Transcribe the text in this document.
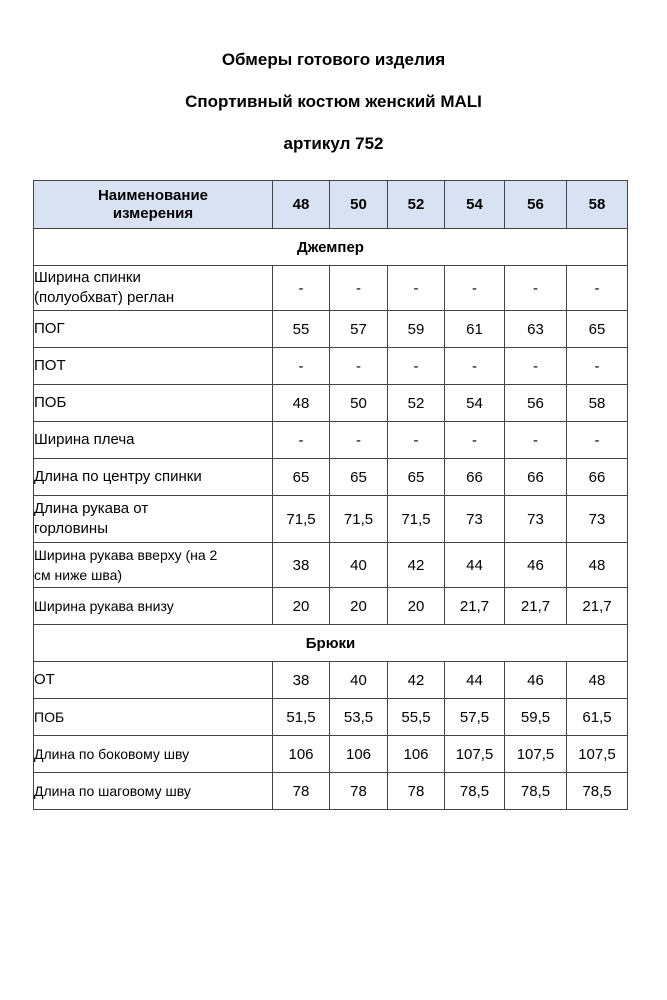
Обмеры готового изделия
Спортивный костюм женский MALI
артикул 752
Наименование
измерения	48	50	52	54	56	58
Джемпер						
Ширина спинки
(полуобхват) реглан	-	-	-	-	-	-
ПОГ	55	57	59	61	63	65
ПОТ	-	-	-	-	-	-
ПОБ	48	50	52	54	56	58
Ширина плеча	-	-	-	-	-	-
Длина по центру спинки	65	65	65	66	66	66
Длина рукава от
горловины	71,5	71,5	71,5	73	73	73
Ширина рукава вверху (на 2
см ниже шва)	38	40	42	44	46	48
Ширина рукава внизу	20	20	20	21,7	21,7	21,7
Брюки						
ОТ	38	40	42	44	46	48
ПОБ	51,5	53,5	55,5	57,5	59,5	61,5
Длина по боковому шву	106	106	106	107,5	107,5	107,5
Длина по шаговому шву	78	78	78	78,5	78,5	78,5
